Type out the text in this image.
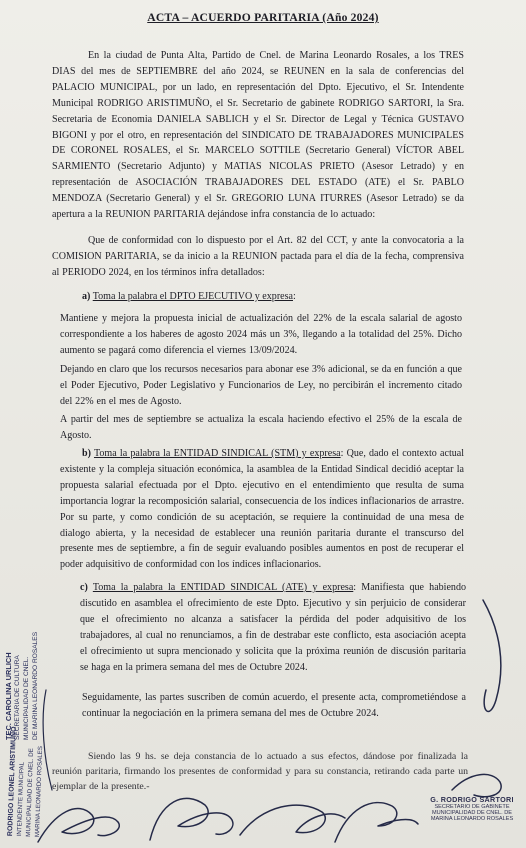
ACTA – ACUERDO PARITARIA (Año 2024)

En la ciudad de Punta Alta, Partido de Cnel. de Marina Leonardo Rosales, a los TRES DIAS del mes de SEPTIEMBRE del año 2024, se REUNEN en la sala de conferencias del PALACIO MUNICIPAL, por un lado, en representación del Dpto. Ejecutivo, el Sr. Intendente Municipal RODRIGO ARISTIMUÑO, el Sr. Secretario de gabinete RODRIGO SARTORI, la Sra. Secretaria de Economia DANIELA SABLICH y el Sr. Director de Legal y Técnica GUSTAVO BIGONI y por el otro, en representación del SINDICATO DE TRABAJADORES MUNICIPALES DE CORONEL ROSALES, el Sr. MARCELO SOTTILE (Secretario General) VÍCTOR ABEL SARMIENTO (Secretario Adjunto) y MATIAS NICOLAS PRIETO (Asesor Letrado) y en representación de ASOCIACIÓN TRABAJADORES DEL ESTADO (ATE) el Sr. PABLO MENDOZA (Secretario General) y el Sr. GREGORIO LUNA ITURRES (Asesor Letrado) se da apertura a la REUNION PARITARIA dejándose infra constancia de lo actuado:

Que de conformidad con lo dispuesto por el Art. 82 del CCT, y ante la convocatoria a la COMISION PARITARIA, se da inicio a la REUNION pactada para el día de la fecha, comprensiva al PERIODO 2024, en los términos infra detallados:

a) Toma la palabra el DPTO EJECUTIVO y expresa:

Mantiene y mejora la propuesta inicial de actualización del 22% de la escala salarial de agosto correspondiente a los haberes de agosto 2024 más un 3%, llegando a la totalidad del 25%. Dicho aumento se pagará como diferencia el viernes 13/09/2024.

Dejando en claro que los recursos necesarios para abonar ese 3% adicional, se da en función a que el Poder Ejecutivo, Poder Legislativo y Funcionarios de Ley, no percibirán el incremento citado del 22% en el mes de Agosto.

A partir del mes de septiembre se actualiza la escala haciendo efectivo el 25% de la escala de Agosto.

b) Toma la palabra la ENTIDAD SINDICAL (STM) y expresa: Que, dado el contexto actual existente y la compleja situación económica, la asamblea de la Entidad Sindical decidió aceptar la propuesta salarial efectuada por el Dpto. ejecutivo en el entendimiento que resulta de suma importancia lograr la recomposición salarial, consecuencia de los índices inflacionarios de arrastre. Por su parte, y como condición de su aceptación, se requiere la continuidad de una mesa de dialogo abierta, y la necesidad de establecer una reunión paritaria durante el transcurso del presente mes de septiembre, a fin de seguir evaluando posibles aumentos en post de recuperar el poder adquisitivo de conformidad con los índices inflacionarios.

c) Toma la palabra la ENTIDAD SINDICAL (ATE) y expresa: Manifiesta que habiendo discutido en asamblea el ofrecimiento de este Dpto. Ejecutivo y sin perjuicio de considerar que el ofrecimiento no alcanza a satisfacer la pérdida del poder adquisitivo de los trabajadores, al cual no renunciamos, a fin de destrabar este conflicto, esta asociación acepta el ofrecimiento ut supra mencionado y solicita que la próxima reunión de discusión paritaria se haga en la primera semana del mes de Octubre 2024.

Seguidamente, las partes suscriben de común acuerdo, el presente acta, comprometiéndose a continuar la negociación en la primera semana del mes de Octubre 2024.

Siendo las 9 hs. se deja constancia de lo actuado a sus efectos, dándose por finalizada la reunión paritaria, firmando los presentes de conformidad y para su constancia, retirando cada parte un ejemplar de la presente.-

TEC. CAROLINA URLICH SECRETARIA DE CULTURA MUNICIPALIDAD DE CNEL. DE MARINA LEONARDO ROSALES
RODRIGO LEONEL ARISTIMUÑO
INTENDENTE MUNICIPAL MUNICIPALIDAD DE CNEL. DE
MARINA LEONARDO ROSALES	G. RODRIGO SARTORI
SECRETARIO DE GABINETE
MUNICIPALIDAD DE CNEL. DE
MARINA LEONARDO ROSALES
